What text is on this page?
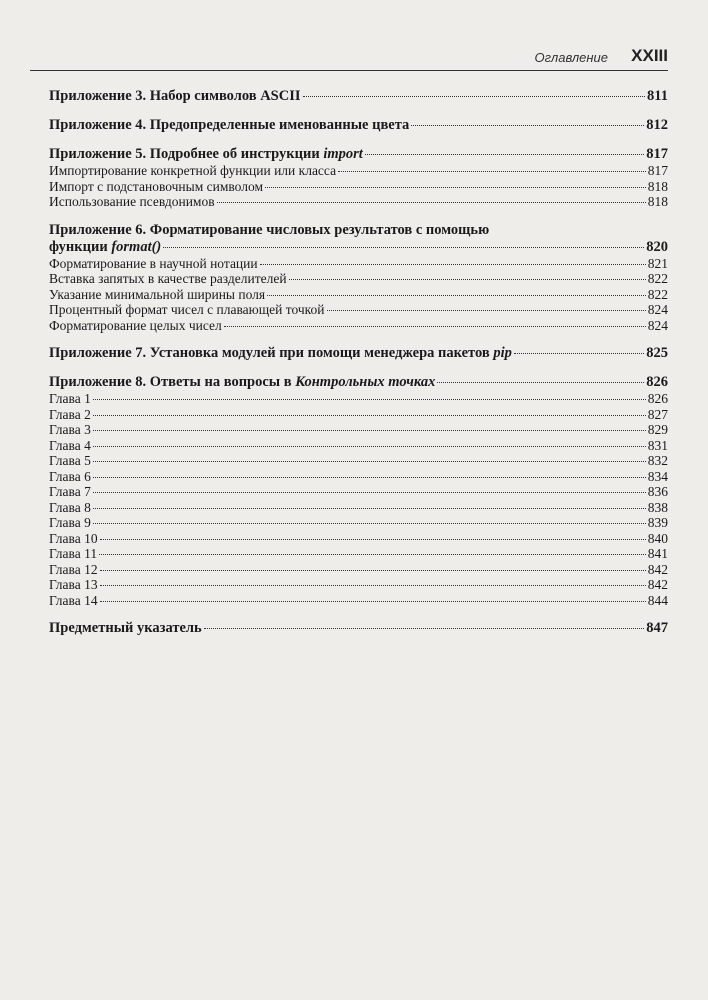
Оглавление XXIII
Приложение 3. Набор символов ASCII	811
Приложение 4. Предопределенные именованные цвета	812
Приложение 5. Подробнее об инструкции import	817
Импортирование конкретной функции или класса	817
Импорт с подстановочным символом	818
Использование псевдонимов	818
Приложение 6. Форматирование числовых результатов с помощью
функции format()	820
Форматирование в научной нотации	821
Вставка запятых в качестве разделителей	822
Указание минимальной ширины поля	822
Процентный формат чисел с плавающей точкой	824
Форматирование целых чисел	824
Приложение 7. Установка модулей при помощи менеджера пакетов pip	825
Приложение 8. Ответы на вопросы в Контрольных точках	826
Глава 1	826
Глава 2	827
Глава 3	829
Глава 4	831
Глава 5	832
Глава 6	834
Глава 7	836
Глава 8	838
Глава 9	839
Глава 10	840
Глава 11	841
Глава 12	842
Глава 13	842
Глава 14	844
Предметный указатель	847
